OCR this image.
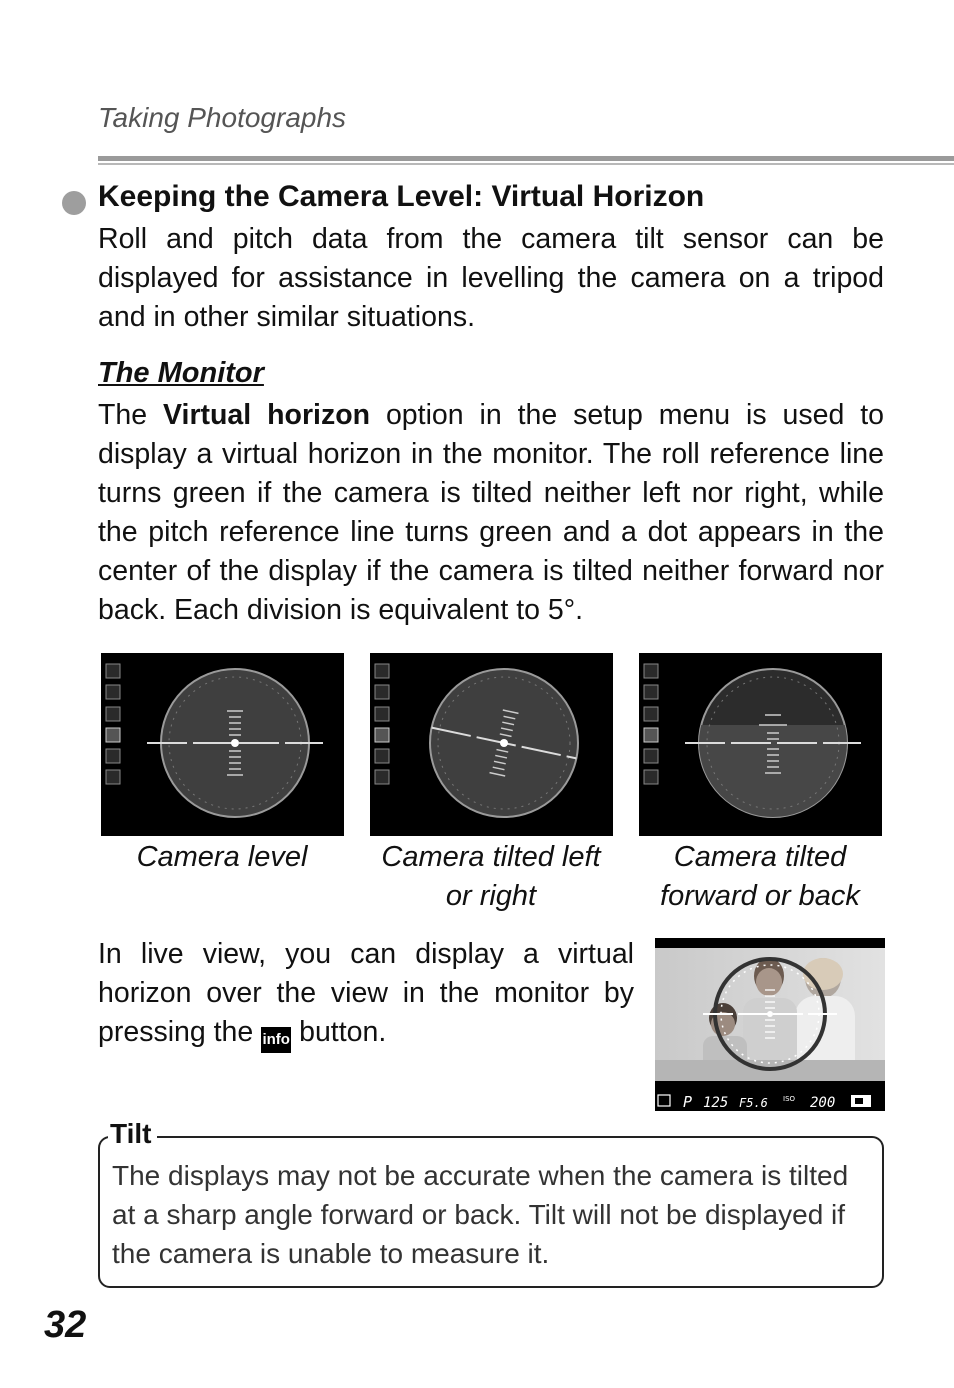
Taking Photographs
Keeping the Camera Level: Virtual Horizon
Roll and pitch data from the camera tilt sensor can be displayed for assistance in levelling the camera on a tripod and in other similar situations.
The Monitor
The Virtual horizon option in the setup menu is used to display a virtual horizon in the monitor. The roll reference line turns green if the camera is tilted neither left nor right, while the pitch reference line turns green and a dot appears in the center of the display if the camera is tilted neither forward nor back. Each division is equivalent to 5°.
Camera level	Camera tilted left
or right
Camera tilted
forward or back
In live view, you can display a virtual horizon over the view in the monitor by pressing the info button.
P 125 F5.6 ISO 200
Tilt
The displays may not be accurate when the camera is tilted at a sharp angle forward or back. Tilt will not be displayed if the camera is unable to measure it.
32
